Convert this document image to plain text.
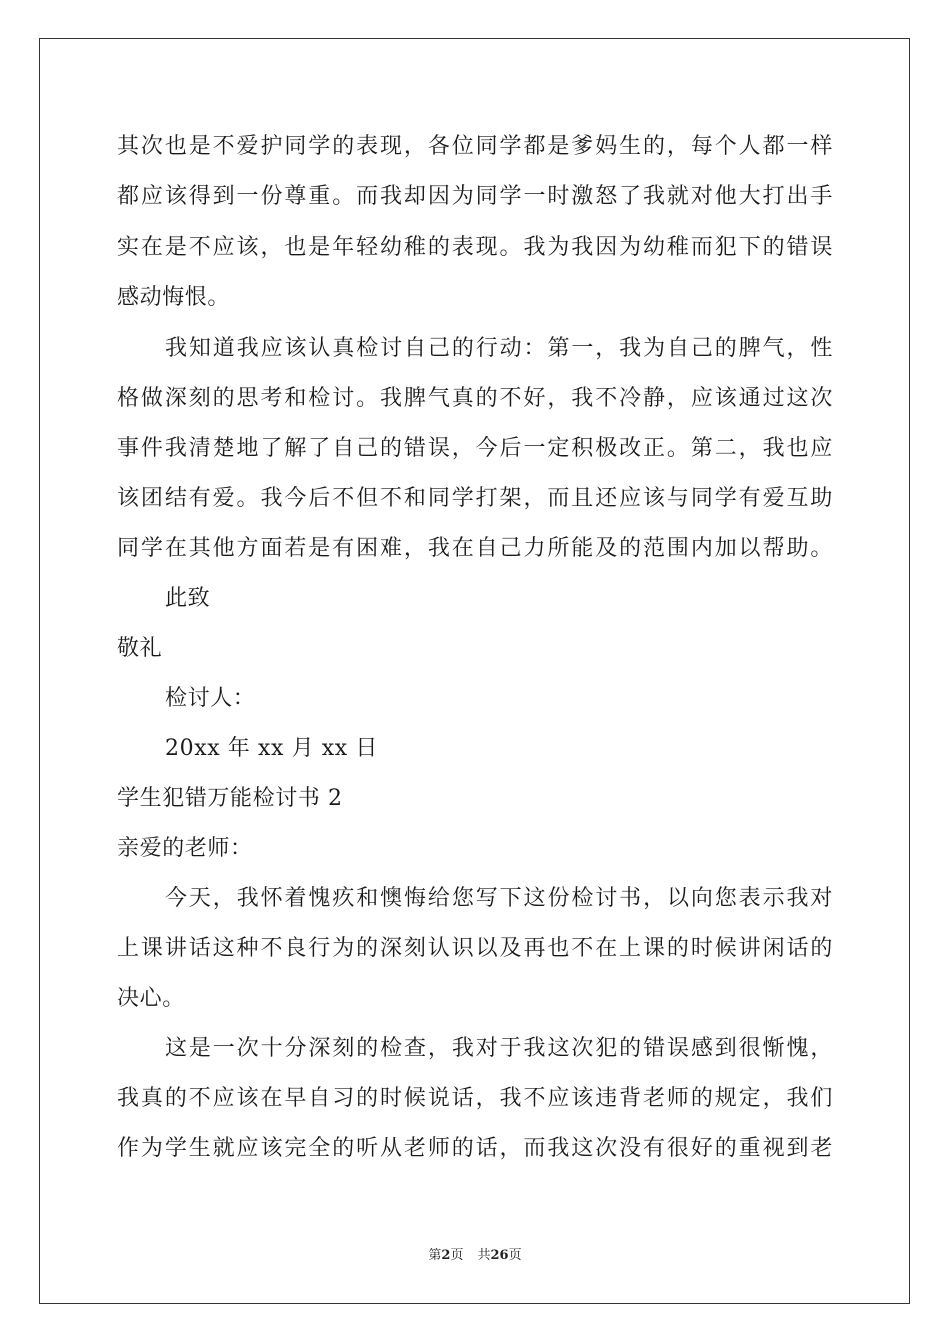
其次也是不爱护同学的表现，各位同学都是爹妈生的，每个人都一样
都应该得到一份尊重。而我却因为同学一时激怒了我就对他大打出手
实在是不应该，也是年轻幼稚的表现。我为我因为幼稚而犯下的错误
感动悔恨。
我知道我应该认真检讨自己的行动：第一，我为自己的脾气，性
格做深刻的思考和检讨。我脾气真的不好，我不冷静，应该通过这次
事件我清楚地了解了自己的错误，今后一定积极改正。第二，我也应
该团结有爱。我今后不但不和同学打架，而且还应该与同学有爱互助
同学在其他方面若是有困难，我在自己力所能及的范围内加以帮助。
此致
敬礼
检讨人：
20xx 年 xx 月 xx 日
学生犯错万能检讨书 2
亲爱的老师：
今天，我怀着愧疚和懊悔给您写下这份检讨书，以向您表示我对
上课讲话这种不良行为的深刻认识以及再也不在上课的时候讲闲话的
决心。
这是一次十分深刻的检查，我对于我这次犯的错误感到很惭愧，
我真的不应该在早自习的时候说话，我不应该违背老师的规定，我们
作为学生就应该完全的听从老师的话，而我这次没有很好的重视到老
第2页 共26页
